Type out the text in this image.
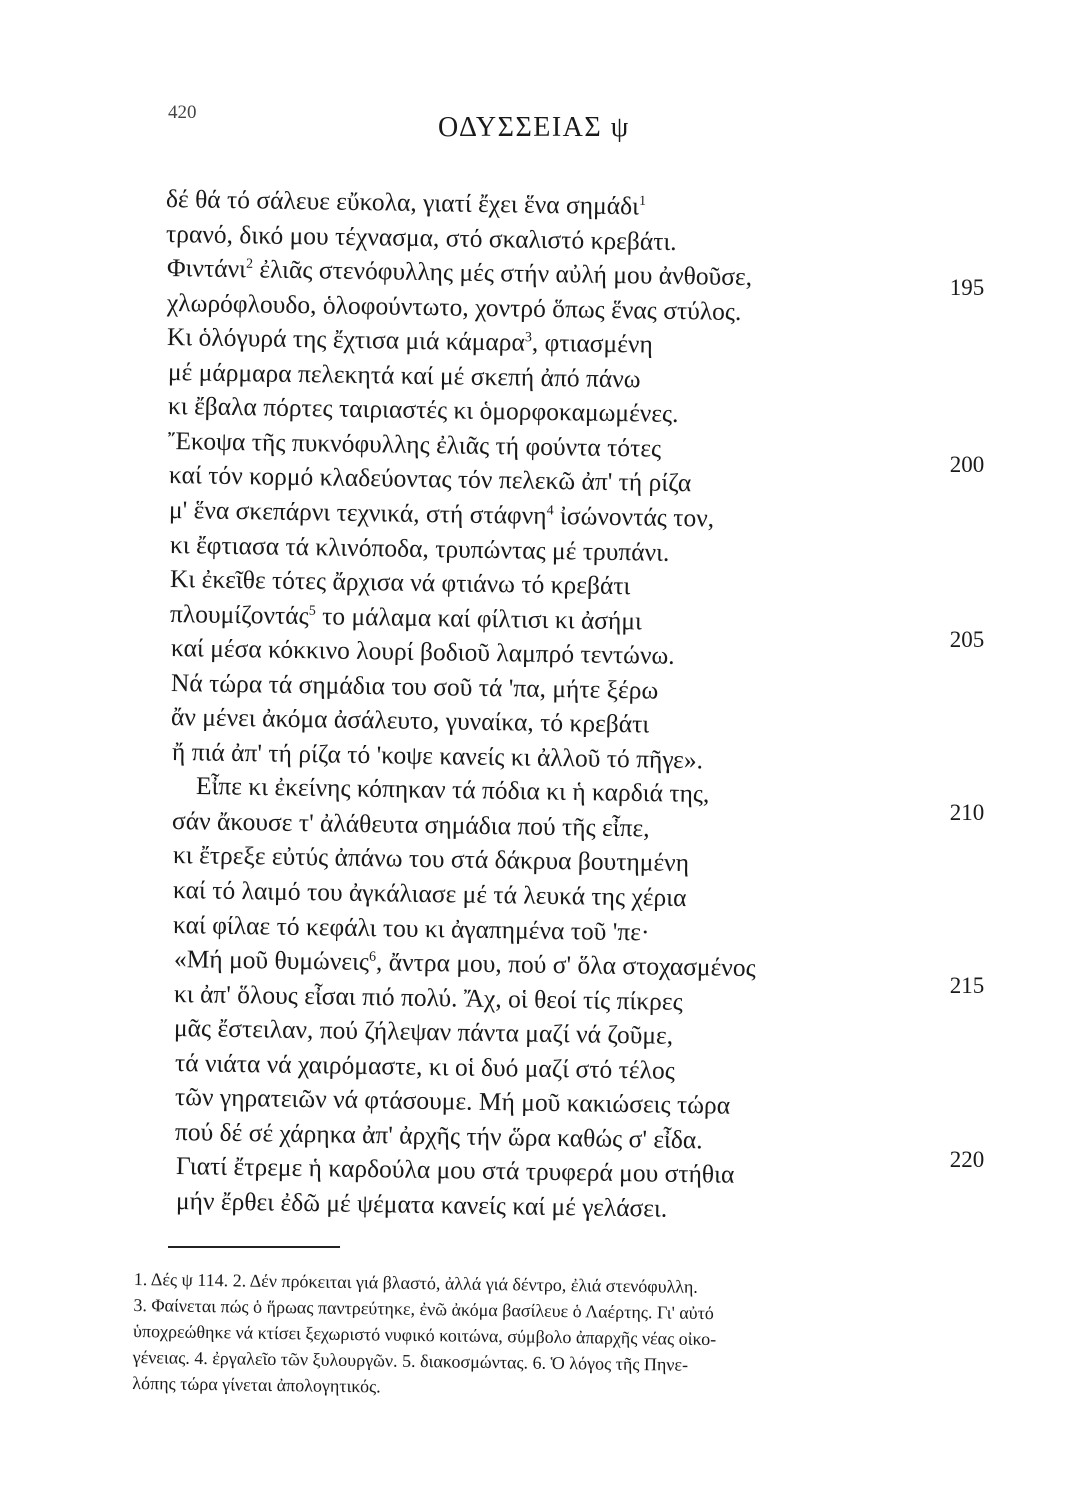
420	ΟΔΥΣΣΕΙΑΣ ψ
δέ θά τό σάλευε εὔκολα, γιατί ἔχει ἕνα σημάδι$^1$
τρανό, δικό μου τέχνασμα, στό σκαλιστό κρεβάτι.
Φιντάνι$^2$ ἐλιᾶς στενόφυλλης μές στήν αὐλή μου ἀνθοῦσε,
χλωρόφλουδο, ὁλοφούντωτο, χοντρό ὅπως ἕνας στύλος.
Κι ὁλόγυρά της ἔχτισα μιά κάμαρα$^3$, φτιασμένη
μέ μάρμαρα πελεκητά καί μέ σκεπή ἀπό πάνω
κι ἔβαλα πόρτες ταιριαστές κι ὁμορφοκαμωμένες.
Ἔκοψα τῆς πυκνόφυλλης ἐλιᾶς τή φούντα τότες
καί τόν κορμό κλαδεύοντας τόν πελεκῶ ἀπ' τή ρίζα
μ' ἕνα σκεπάρνι τεχνικά, στή στάφνη$^4$ ἰσώνοντάς τον,
κι ἔφτιασα τά κλινόποδα, τρυπώντας μέ τρυπάνι.
Κι ἐκεῖθε τότες ἄρχισα νά φτιάνω τό κρεβάτι
πλουμίζοντάς$^5$ το μάλαμα καί φίλτισι κι ἀσήμι
καί μέσα κόκκινο λουρί βοδιοῦ λαμπρό τεντώνω.
Νά τώρα τά σημάδια του σοῦ τά 'πα, μήτε ξέρω
ἄν μένει ἀκόμα ἀσάλευτο, γυναίκα, τό κρεβάτι
ἤ πιά ἀπ' τή ρίζα τό 'κοψε κανείς κι ἀλλοῦ τό πῆγε».
Εἶπε κι ἐκείνης κόπηκαν τά πόδια κι ἡ καρδιά της,
σάν ἄκουσε τ' ἀλάθευτα σημάδια πού τῆς εἶπε,
κι ἔτρεξε εὐτύς ἀπάνω του στά δάκρυα βουτημένη
καί τό λαιμό του ἀγκάλιασε μέ τά λευκά της χέρια
καί φίλαε τό κεφάλι του κι ἀγαπημένα τοῦ 'πε·
«Μή μοῦ θυμώνεις$^6$, ἄντρα μου, πού σ' ὅλα στοχασμένος
κι ἀπ' ὅλους εἶσαι πιό πολύ. Ἄχ, οἱ θεοί τίς πίκρες
μᾶς ἔστειλαν, πού ζήλεψαν πάντα μαζί νά ζοῦμε,
τά νιάτα νά χαιρόμαστε, κι οἱ δυό μαζί στό τέλος
τῶν γηρατειῶν νά φτάσουμε. Μή μοῦ κακιώσεις τώρα
πού δέ σέ χάρηκα ἀπ' ἀρχῆς τήν ὥρα καθώς σ' εἶδα.
Γιατί ἔτρεμε ἡ καρδούλα μου στά τρυφερά μου στήθια
μήν ἔρθει ἐδῶ μέ ψέματα κανείς καί μέ γελάσει.
195
200
205
210
215
220
1. Δές ψ 114. 2. Δέν πρόκειται γιά βλαστό, ἀλλά γιά δέντρο, ἐλιά στενόφυλλη.
3. Φαίνεται πώς ὁ ἥρωας παντρεύτηκε, ἐνῶ ἀκόμα βασίλευε ὁ Λαέρτης. Γι' αὐτό
ὑποχρεώθηκε νά κτίσει ξεχωριστό νυφικό κοιτώνα, σύμβολο ἀπαρχῆς νέας οἰκο-
γένειας. 4. ἐργαλεῖο τῶν ξυλουργῶν. 5. διακοσμώντας. 6. Ὁ λόγος τῆς Πηνε-
λόπης τώρα γίνεται ἀπολογητικός.
